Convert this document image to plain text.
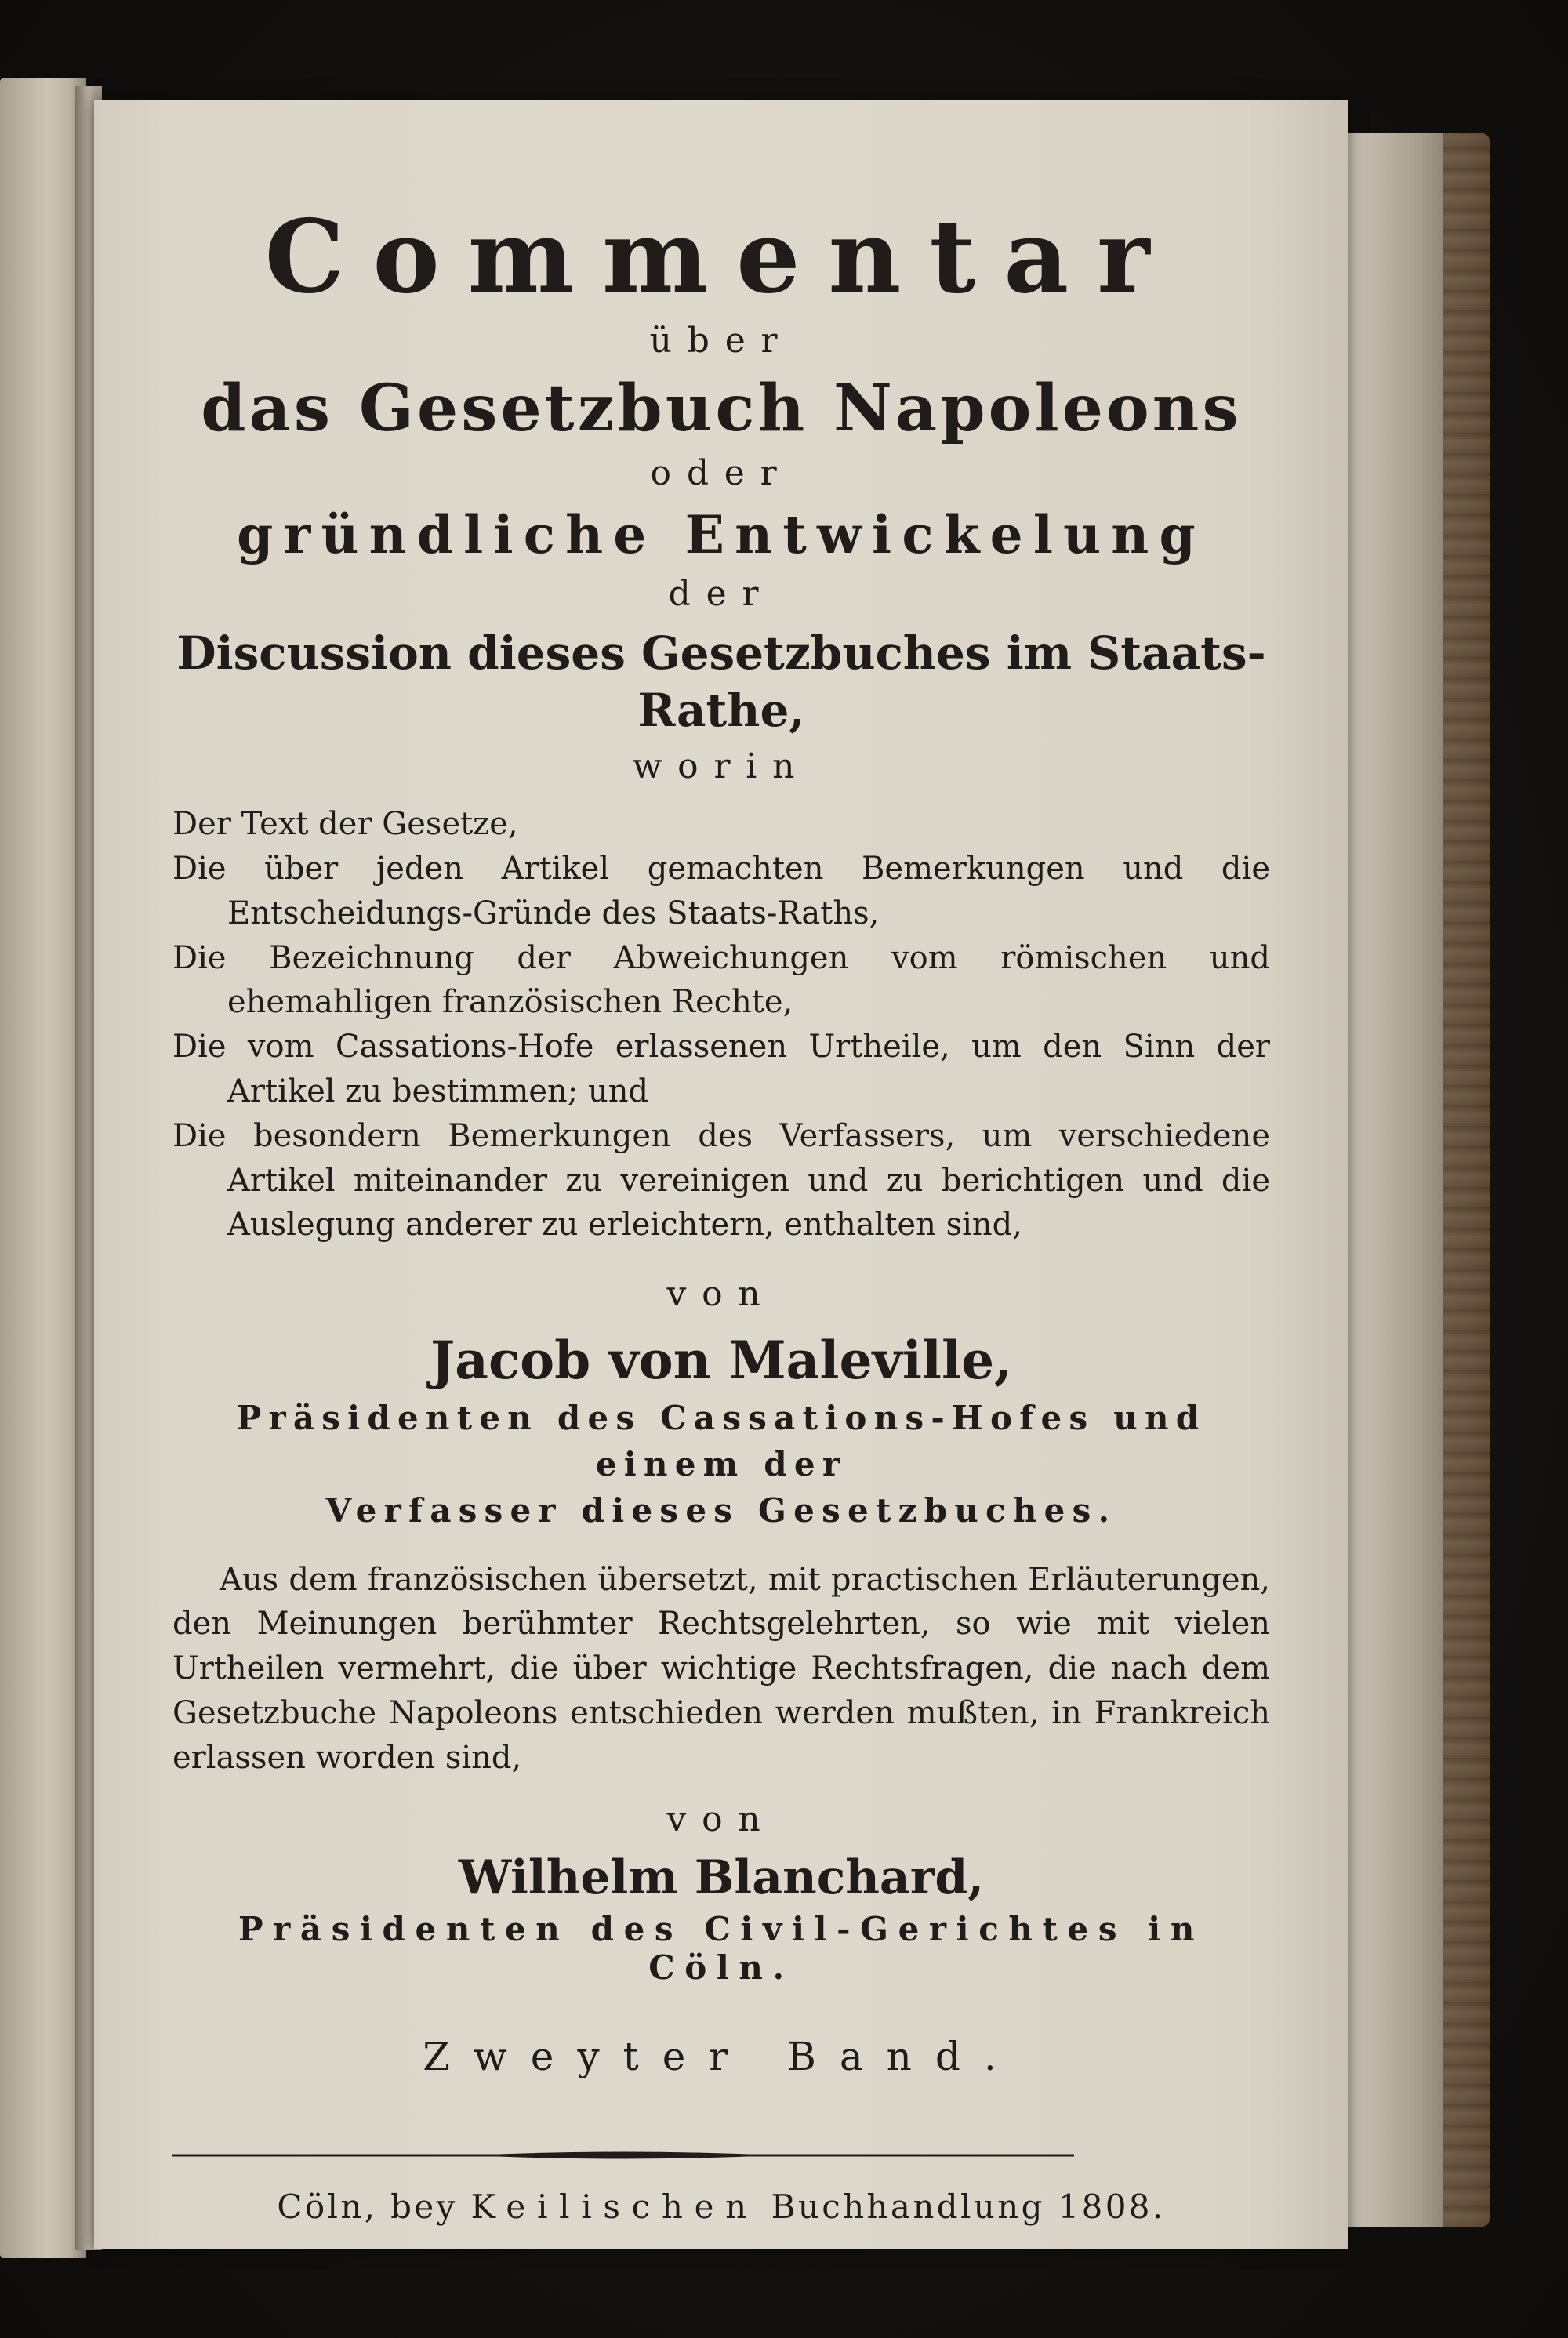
Commentar
über
das Gesetzbuch Napoleons
oder
gründliche Entwickelung
der
Discussion dieses Gesetzbuches im Staats-Rathe,
worin
Der Text der Gesetze,
Die über jeden Artikel gemachten Bemerkungen und die Entscheidungs-Gründe des Staats-Raths,
Die Bezeichnung der Abweichungen vom römischen und ehemahligen französischen Rechte,
Die vom Cassations-Hofe erlassenen Urtheile, um den Sinn der Artikel zu bestimmen; und
Die besondern Bemerkungen des Verfassers, um verschiedene Artikel miteinander zu vereinigen und zu berichtigen und die Auslegung anderer zu erleichtern, enthalten sind,
von
Jacob von Maleville,
Präsidenten des Cassations-Hofes und einem der
Verfasser dieses Gesetzbuches.

Aus dem französischen übersetzt, mit practischen Erläuterungen, den Meinungen berühmter Rechtsgelehrten, so wie mit vielen Urtheilen vermehrt, die über wichtige Rechtsfragen, die nach dem Gesetzbuche Napoleons entschieden werden mußten, in Frankreich erlassen worden sind,

von
Wilhelm Blanchard,
Präsidenten des Civil-Gerichtes in Cöln.
Zweyter Band.
Cöln, bey Keilischen Buchhandlung 1808.
